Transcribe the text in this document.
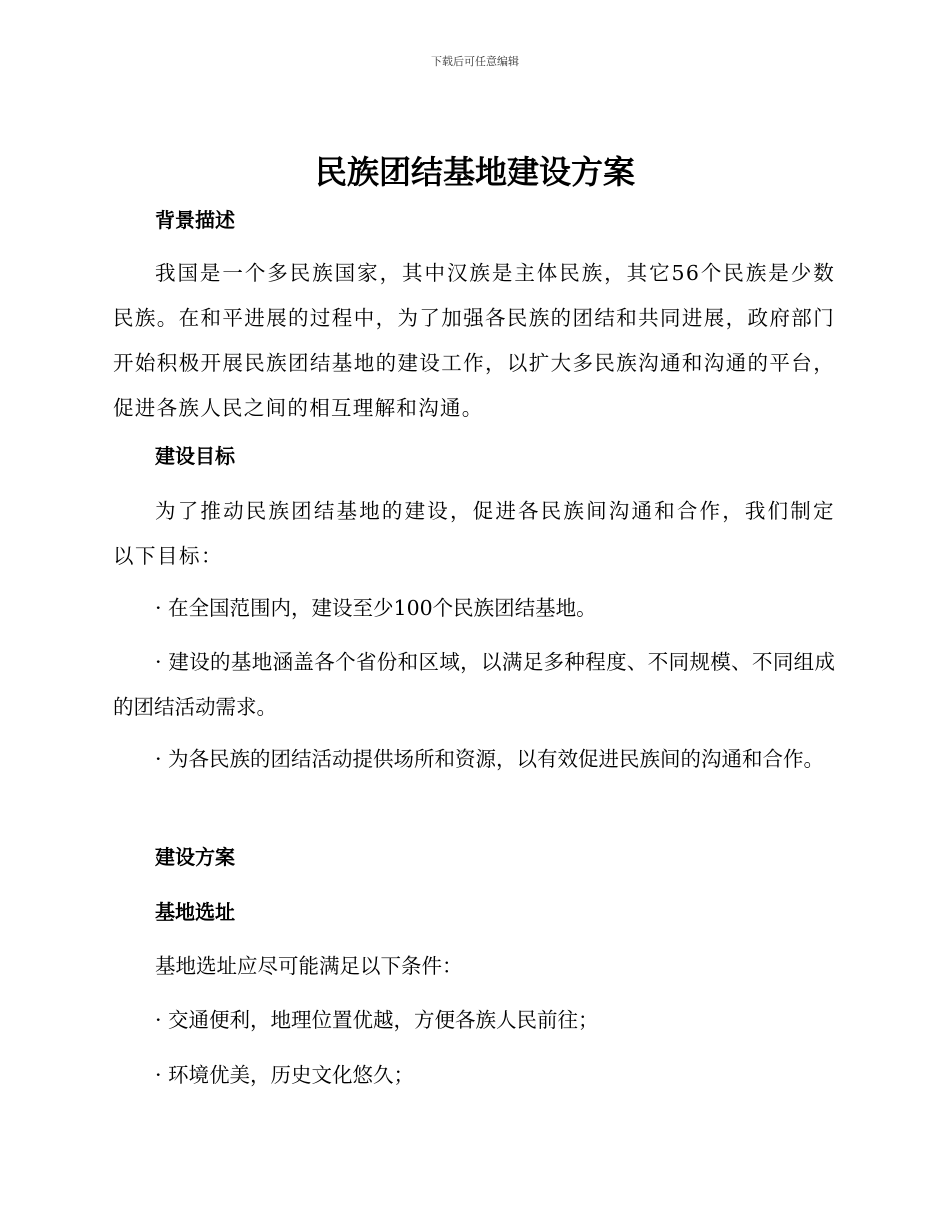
下载后可任意编辑
民族团结基地建设方案
背景描述

我国是一个多民族国家，其中汉族是主体民族，其它56个民族是少数民族。在和平进展的过程中，为了加强各民族的团结和共同进展，政府部门开始积极开展民族团结基地的建设工作，以扩大多民族沟通和沟通的平台，促进各族人民之间的相互理解和沟通。

建设目标

为了推动民族团结基地的建设，促进各民族间沟通和合作，我们制定以下目标：

· 在全国范围内，建设至少100个民族团结基地。

· 建设的基地涵盖各个省份和区域，以满足多种程度、不同规模、不同组成的团结活动需求。

· 为各民族的团结活动提供场所和资源，以有效促进民族间的沟通和合作。

建设方案
基地选址

基地选址应尽可能满足以下条件：

· 交通便利，地理位置优越，方便各族人民前往；

· 环境优美，历史文化悠久；
